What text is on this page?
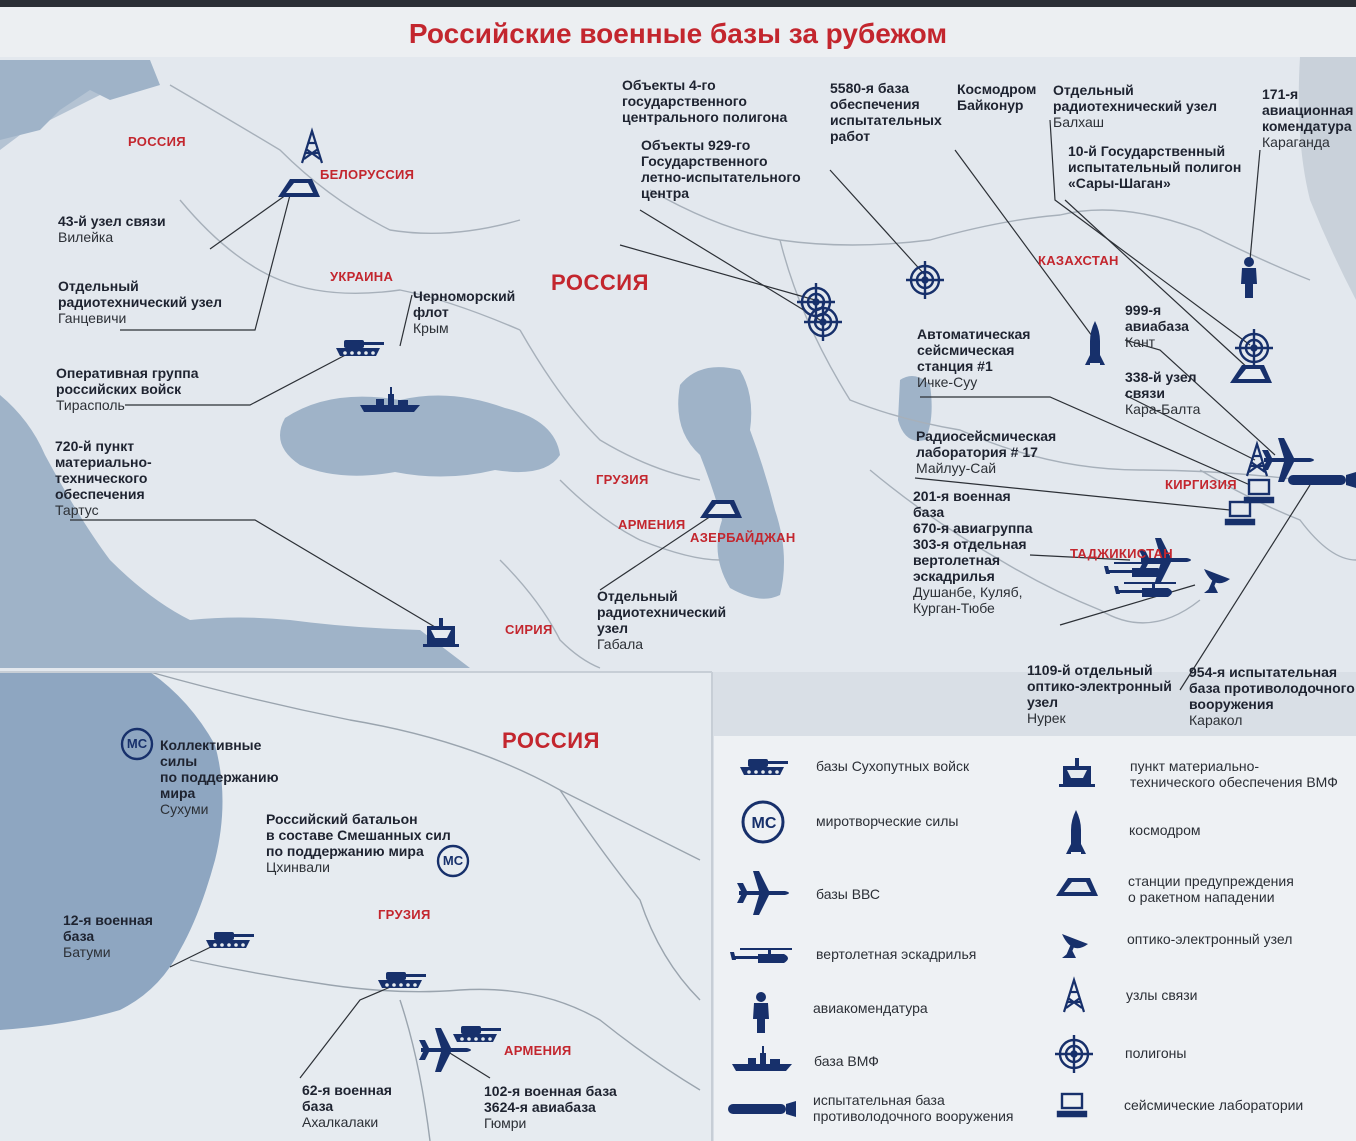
Российские военные базы за рубежом
РОССИЯ
БЕЛОРУССИЯ
УКРАИНА	РОССИЯ
КАЗАХСТАН
ГРУЗИЯ
АРМЕНИЯ
АЗЕРБАЙДЖАН
СИРИЯ
КИРГИЗИЯ
ТАДЖИКИСТАН
43-й узел связи
Вилейка
Отдельный
радиотехнический узел
Ганцевичи
Оперативная группа
российских войск
Тирасполь
720-й пункт
материально-
технического
обеспечения
Тартус
Черноморский
флот
Крым
Объекты 4-го
государственного
центрального полигона
Объекты 929-го
Государственного
летно-испытательного
центра
5580-я база
обеспечения
испытательных
работ
Космодром
Байконур
Отдельный
радиотехнический узел
Балхаш
10-й Государственный
испытательный полигон
«Сары-Шаган»
171-я
авиационная
комендатура
Караганда
999-я
авиабаза
Кант
338-й узел
связи
Кара-Балта
Автоматическая
сейсмическая
станция #1
Ичке-Суу
Радиосейсмическая
лаборатория # 17
Майлуу-Сай
201-я военная
база
670-я авиагруппа
303-я отдельная
вертолетная
эскадрилья
Душанбе, Куляб,
Курган-Тюбе
Отдельный
радиотехнический
узел
Габала
1109-й отдельный
оптико-электронный
узел
Нурек
954-я испытательная
база противолодочного
вооружения
Каракол
РОССИЯ
ГРУЗИЯ
АРМЕНИЯ
МС
МС
Коллективные
силы
по поддержанию
мира
Сухуми
Российский батальон
в составе Смешанных сил
по поддержанию мира
Цхинвали
12-я военная
база
Батуми
62-я военная
база
Ахалкалаки
102-я военная база
3624-я авиабаза
Гюмри
МС
базы Сухопутных войск
миротворческие силы
базы ВВС
вертолетная эскадрилья
авиакомендатура
база ВМФ
испытательная база
противолодочного вооружения
пункт материально-
технического обеспечения ВМФ
космодром
станции предупреждения
о ракетном нападении
оптико-электронный узел
узлы связи
полигоны
сейсмические лаборатории
